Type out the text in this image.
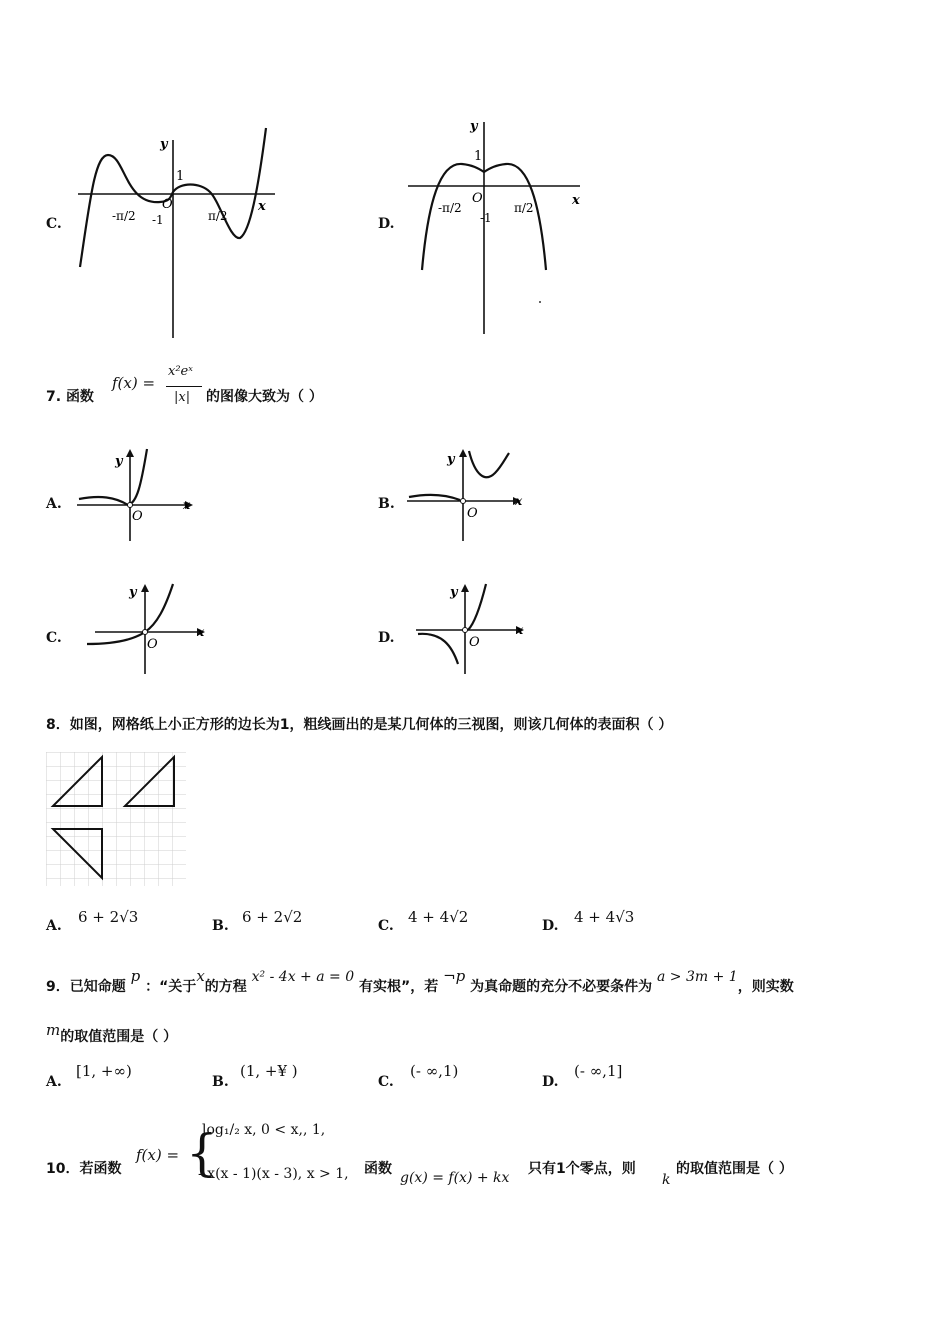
C.
y
x
1
O
-1
-π/2	π/2	D.
y
x
1
O
-1
-π/2	π/2
7. 函数
f(x) =
x²eˣ
|x| 的图像大致为（ ）
A.
y
x
O
B.
y
x
O
C.
y
x
O	D.
y
x
O
8．如图，网格纸上小正方形的边长为1，粗线画出的是某几何体的三视图，则该几何体的表面积（ ）
A. 6 + 2√3	B. 6 + 2√2	C. 4 + 4√2	D. 4 + 4√3
9．已知命题 p ：“关于x的方程 x² - 4x + a = 0 有实根”，若 ¬p 为真命题的充分不必要条件为 a > 3m + 1，则实数
m的取值范围是（ ）
A.
[1, +∞)
B.
(1, +¥ )
C.
(- ∞,1)
D.
(- ∞,1]
10．若函数
f(x) = {
log₁/₂ x, 0 < x,, 1,
- x(x - 1)(x - 3), x > 1, 函数
g(x) = f(x) + kx
只有1个零点，则
k
的取值范围是（ ）
